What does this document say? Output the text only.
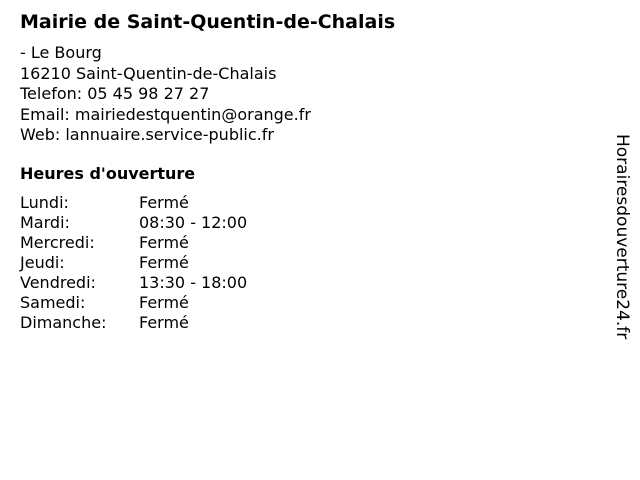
Mairie de Saint-Quentin-de-Chalais
- Le Bourg
16210 Saint-Quentin-de-Chalais
Telefon: 05 45 98 27 27
Email: mairiedestquentin@orange.fr
Web: lannuaire.service-public.fr
Heures d'ouverture
Lundi:	Fermé
Mardi:	08:30 - 12:00
Mercredi:	Fermé
Jeudi:	Fermé
Vendredi:	13:30 - 18:00
Samedi:	Fermé
Dimanche:	Fermé	Horairesdouverture24.fr
